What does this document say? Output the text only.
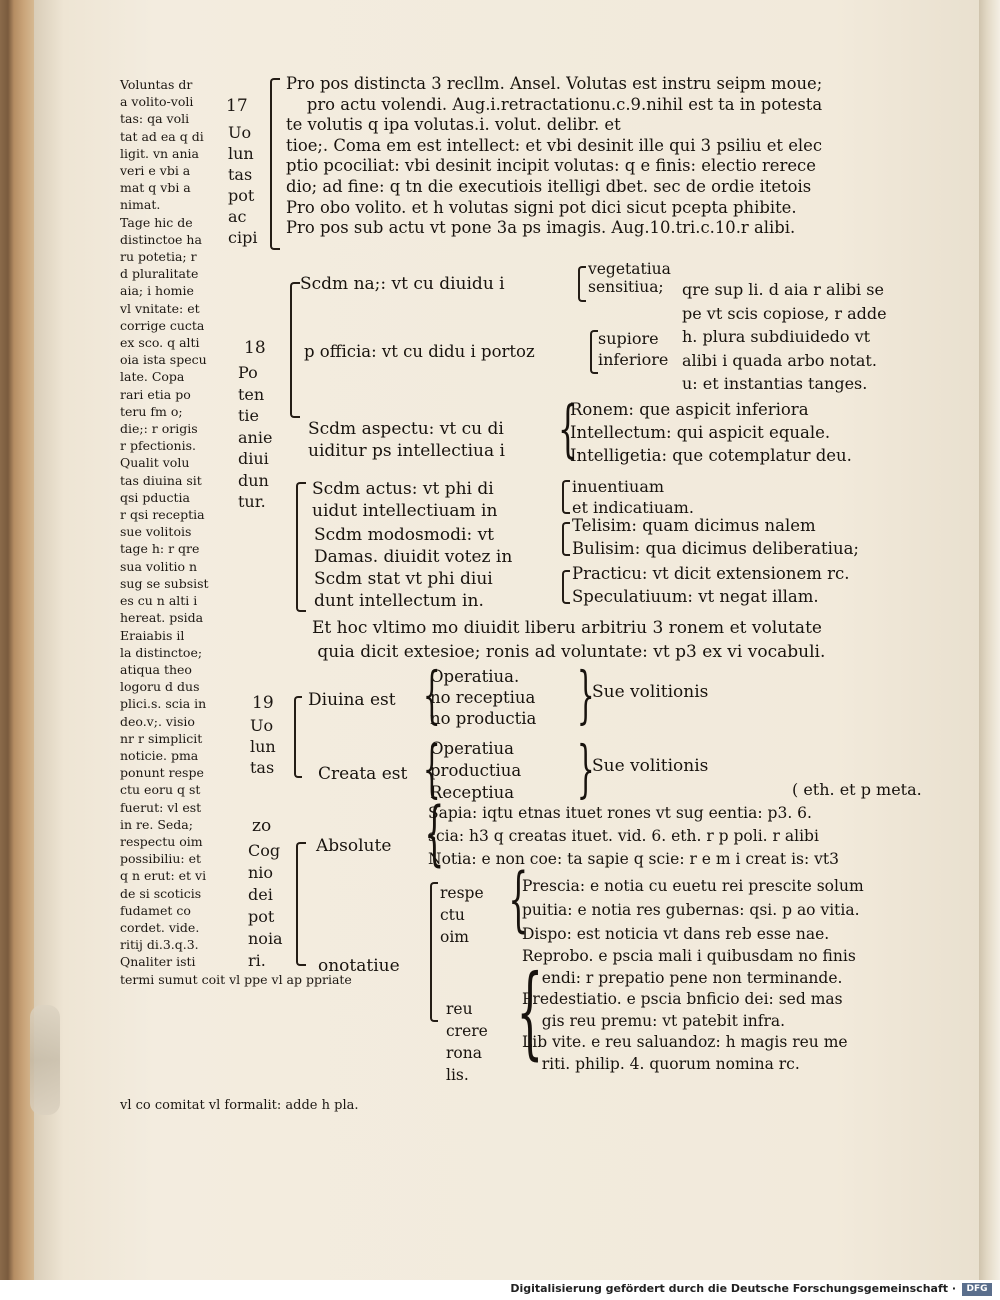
Voluntas dr
a volito-voli
tas: qa voli
tat ad ea q di
ligit. vn ania
veri e vbi a
mat q vbi a
nimat.
Tage hic de
distinctoe ha
ru potetia; r
d pluralitate
aia; i homie
vl vnitate: et
corrige cucta
ex sco. q alti
oia ista specu
late. Copa
rari etia po
teru fm o;
die;: r origis
r pfectionis.
Qualit volu
tas diuina sit
qsi pductia
r qsi receptia
sue volitois
tage h: r qre
sua volitio n
sug se subsist
es cu n alti i
hereat. psida
Eraiabis il
la distinctoe;
atiqua theo
logoru d dus
plici.s. scia in
deo.v;. visio
nr r simplicit
noticie. pma
ponunt respe
ctu eoru q st
fuerut: vl est
in re. Seda;
respectu oim
possibiliu: et
q n erut: et vi
de si scoticis
fudamet co
cordet. vide.
ritij di.3.q.3.
Qnaliter isti
termi sumut coit vl
vl co comitat vl formalit: adde h pla.
17
Uo
lun
tas
pot
ac
cipi
18
Po
ten
tie
anie
diui
dun
tur.
19
Uo
lun
tas
zo
Cog
nio
dei
pot
noia
ri.
Pro pos distincta 3 recllm. Ansel. Volutas est instru seipm moue;
pro actu volendi. Aug.i.retractationu.c.9.nihil est ta in potesta
te volutis q ipa volutas.i. volut. delibr. et
tioe;. Coma em est intellect: et vbi desinit ille qui 3 psiliu et elec
ptio pcociliat: vbi desinit incipit volutas: q e finis: electio rerece
dio; ad fine: q tn die executiois itelligi dbet. sec de ordie itetois
Pro obo volito. et h volutas signi pot dici sicut pcepta phibite.
Pro pos sub actu vt pone 3a ps imagis. Aug.10.tri.c.10.r alibi.
Scdm na;: vt cu diuidu i
vegetatiua
sensitiua;	qre sup li. d aia r alibi se
pe vt scis copiose, r adde
h. plura subdiuidedo vt
alibi i quada arbo notat.
u: et instantias tanges.
p officia: vt cu didu i portoz
supiore
inferiore
Scdm aspectu: vt cu di
uiditur ps intellectiua i {
Ronem: que aspicit inferiora
Intellectum: qui aspicit equale.
Intelligetia: que cotemplatur deu.
Scdm actus: vt phi di
uidut intellectiuam in
inuentiuam
et indicatiuam.
Scdm modosmodi: vt
Damas. diuidit votez in
Telisim: quam dicimus nalem
Bulisim: qua dicimus deliberatiua;
Scdm stat vt phi diui
dunt intellectum in.
Practicu: vt dicit extensionem rc.
Speculatiuum: vt negat illam.
Et hoc vltimo mo diuidit liberu arbitriu 3 ronem et volutate
quia dicit extesioe; ronis ad voluntate: vt p3 ex vi vocabuli.
Diuina est {
Operatiua.
no receptiua
no productia {
Sue volitionis
Creata est {
Operatiua
productiua
Receptiua {
Sue volitionis
( eth. et p meta.
Absolute {
Sapia: iqtu etnas ituet rones vt sug eentia: p3. 6.
scia: h3 q creatas ituet. vid. 6. eth. r p poli. r alibi
Notia: e non coe: ta sapie q scie: r e m i creat is: vt3
onotatiue
respe
ctu
oim {
Prescia: e notia cu euetu rei prescite solum
puitia: e notia res gubernas: qsi. p ao vitia.
Dispo: est noticia vt dans reb esse nae.
reu
crere
rona
lis.
{
Reprobo. e pscia mali i quibusdam no finis
endi: r prepatio pene non terminande.
Predestiatio. e pscia bnficio dei: sed mas
gis reu premu: vt patebit infra.
Lib vite. e reu saluandoz: h magis reu me
riti. philip. 4. quorum nomina rc.
Digitalisierung gefördert durch die Deutsche Forschungsgemeinschaft ·	DFG
